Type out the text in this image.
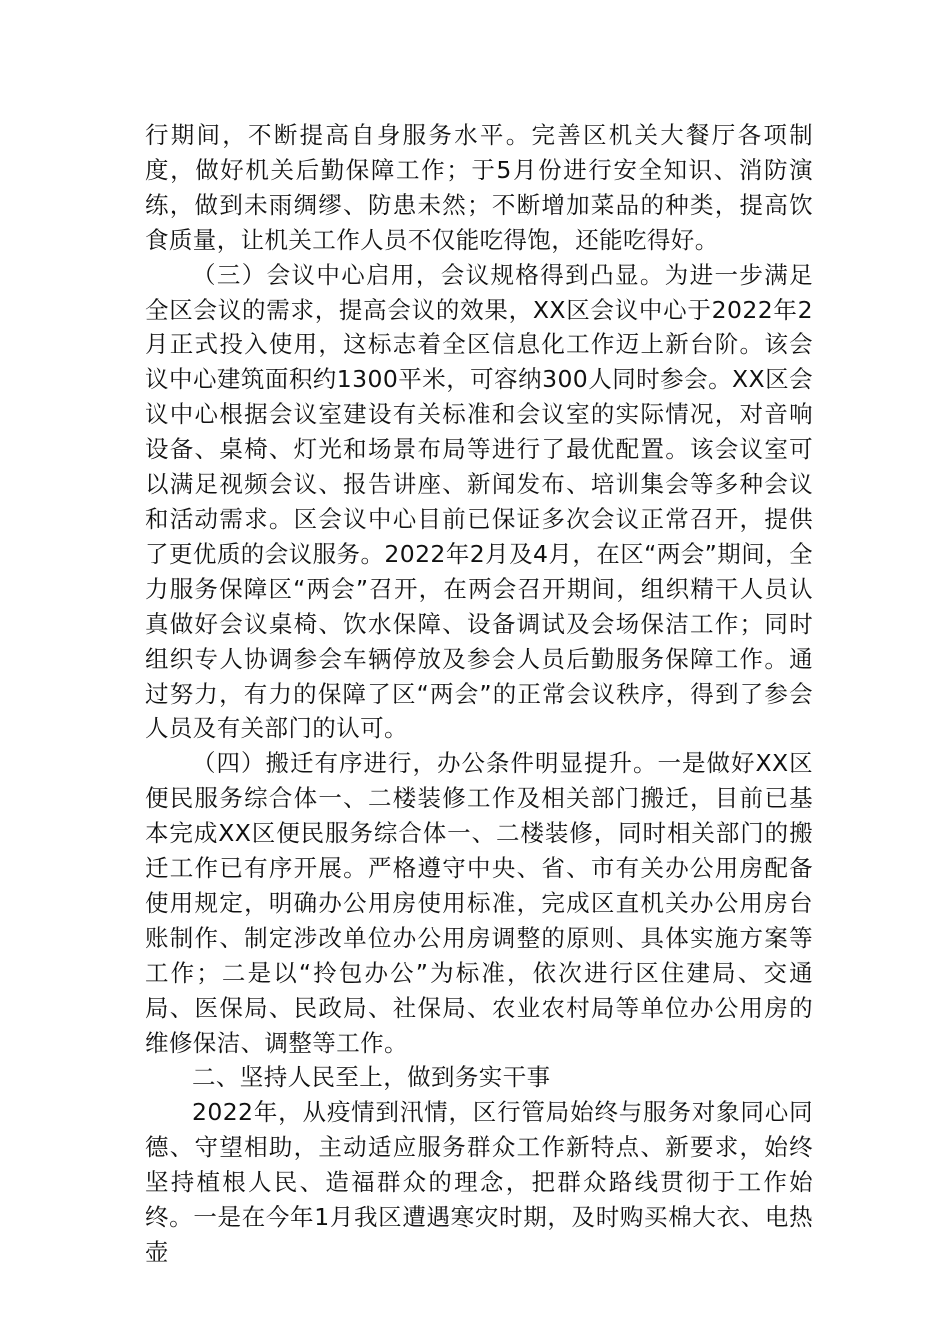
行期间，不断提高自身服务水平。完善区机关大餐厅各项制度，做好机关后勤保障工作；于5月份进行安全知识、消防演练，做到未雨绸缪、防患未然；不断增加菜品的种类，提高饮食质量，让机关工作人员不仅能吃得饱，还能吃得好。

（三）会议中心启用，会议规格得到凸显。为进一步满足全区会议的需求，提高会议的效果，XX区会议中心于2022年2月正式投入使用，这标志着全区信息化工作迈上新台阶。该会议中心建筑面积约1300平米，可容纳300人同时参会。XX区会议中心根据会议室建设有关标准和会议室的实际情况，对音响设备、桌椅、灯光和场景布局等进行了最优配置。该会议室可以满足视频会议、报告讲座、新闻发布、培训集会等多种会议和活动需求。区会议中心目前已保证多次会议正常召开，提供了更优质的会议服务。2022年2月及4月，在区“两会”期间，全力服务保障区“两会”召开，在两会召开期间，组织精干人员认真做好会议桌椅、饮水保障、设备调试及会场保洁工作；同时组织专人协调参会车辆停放及参会人员后勤服务保障工作。通过努力，有力的保障了区“两会”的正常会议秩序，得到了参会人员及有关部门的认可。

（四）搬迁有序进行，办公条件明显提升。一是做好XX区便民服务综合体一、二楼装修工作及相关部门搬迁，目前已基本完成XX区便民服务综合体一、二楼装修，同时相关部门的搬迁工作已有序开展。严格遵守中央、省、市有关办公用房配备使用规定，明确办公用房使用标准，完成区直机关办公用房台账制作、制定涉改单位办公用房调整的原则、具体实施方案等工作；二是以“拎包办公”为标准，依次进行区住建局、交通局、医保局、民政局、社保局、农业农村局等单位办公用房的维修保洁、调整等工作。

二、坚持人民至上，做到务实干事

2022年，从疫情到汛情，区行管局始终与服务对象同心同德、守望相助，主动适应服务群众工作新特点、新要求，始终坚持植根人民、造福群众的理念，把群众路线贯彻于工作始终。一是在今年1月我区遭遇寒灾时期，及时购买棉大衣、电热壶
